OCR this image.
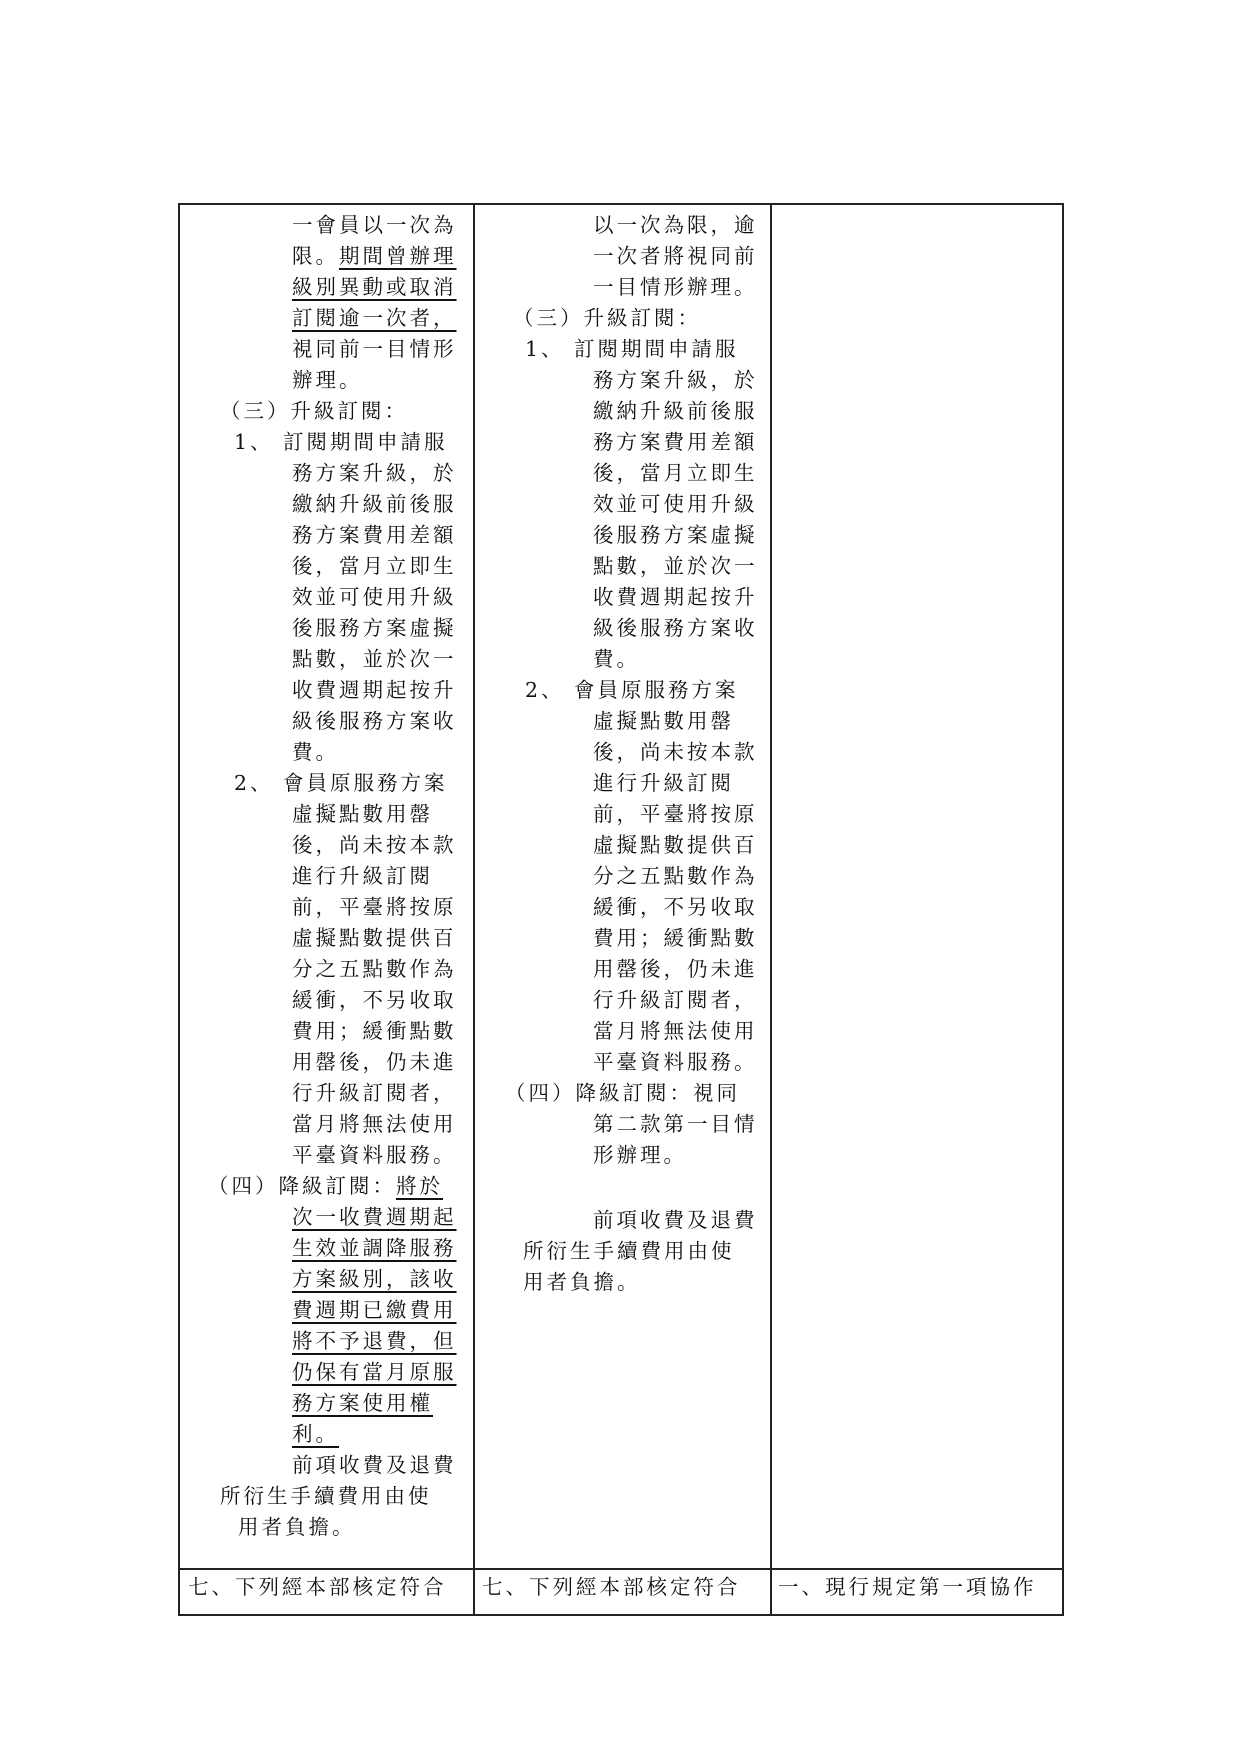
一會員以一次為
限。期間曾辦理
級別異動或取消
訂閱逾一次者，
視同前一目情形
辦理。
（三）升級訂閱：
1、 訂閱期間申請服
務方案升級，於
繳納升級前後服
務方案費用差額
後，當月立即生
效並可使用升級
後服務方案虛擬
點數，並於次一
收費週期起按升
級後服務方案收
費。
2、 會員原服務方案
虛擬點數用罄
後，尚未按本款
進行升級訂閱
前，平臺將按原
虛擬點數提供百
分之五點數作為
緩衝，不另收取
費用；緩衝點數
用罄後，仍未進
行升級訂閱者，
當月將無法使用
平臺資料服務。
（四）降級訂閱：將於
次一收費週期起
生效並調降服務
方案級別，該收
費週期已繳費用
將不予退費，但
仍保有當月原服
務方案使用權
利。
前項收費及退費
所衍生手續費用由使
用者負擔。
以一次為限，逾
一次者將視同前
一目情形辦理。
（三）升級訂閱：
1、 訂閱期間申請服
務方案升級，於
繳納升級前後服
務方案費用差額
後，當月立即生
效並可使用升級
後服務方案虛擬
點數，並於次一
收費週期起按升
級後服務方案收
費。
2、 會員原服務方案
虛擬點數用罄
後，尚未按本款
進行升級訂閱
前，平臺將按原
虛擬點數提供百
分之五點數作為
緩衝，不另收取
費用；緩衝點數
用罄後，仍未進
行升級訂閱者，
當月將無法使用
平臺資料服務。
（四）降級訂閱：視同
第二款第一目情
形辦理。
前項收費及退費
所衍生手續費用由使
用者負擔。
七、下列經本部核定符合 七、下列經本部核定符合 一、現行規定第一項協作
